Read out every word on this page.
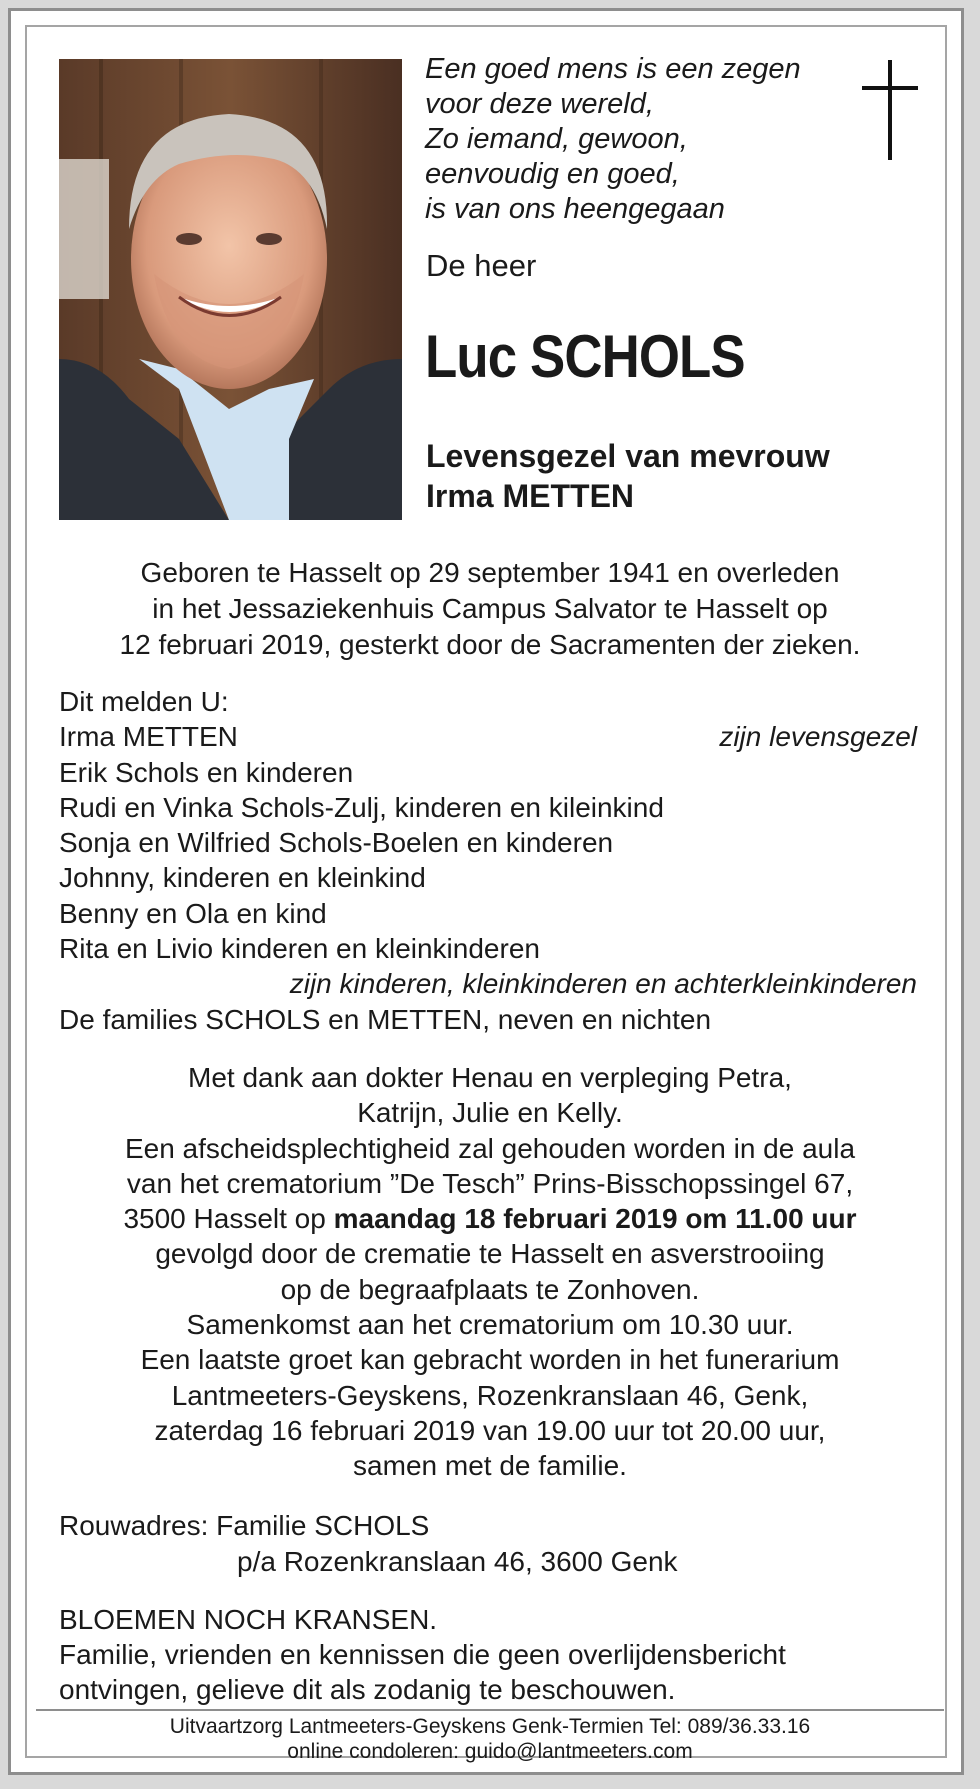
Een goed mens is een zegen
voor deze wereld,
Zo iemand, gewoon,
eenvoudig en goed,
is van ons heengegaan
De heer
Luc SCHOLS
Levensgezel van mevrouw
Irma METTEN
Geboren te Hasselt op 29 september 1941 en overleden
in het Jessaziekenhuis Campus Salvator te Hasselt op
12 februari 2019, gesterkt door de Sacramenten der zieken.
Dit melden U:
Irma METTEN	zijn levensgezel
Erik Schols en kinderen
Rudi en Vinka Schols-Zulj, kinderen en kileinkind
Sonja en Wilfried Schols-Boelen en kinderen
Johnny, kinderen en kleinkind
Benny en Ola en kind
Rita en Livio kinderen en kleinkinderen
zijn kinderen, kleinkinderen en achterkleinkinderen
De families SCHOLS en METTEN, neven en nichten
Met dank aan dokter Henau en verpleging Petra,
Katrijn, Julie en Kelly.
Een afscheidsplechtigheid zal gehouden worden in de aula
van het crematorium ”De Tesch” Prins-Bisschopssingel 67,
3500 Hasselt op maandag 18 februari 2019 om 11.00 uur
gevolgd door de crematie te Hasselt en asverstrooiing
op de begraafplaats te Zonhoven.
Samenkomst aan het crematorium om 10.30 uur.
Een laatste groet kan gebracht worden in het funerarium
Lantmeeters-Geyskens, Rozenkranslaan 46, Genk,
zaterdag 16 februari 2019 van 19.00 uur tot 20.00 uur,
samen met de familie.
Rouwadres: Familie SCHOLS
p/a Rozenkranslaan 46, 3600 Genk
BLOEMEN NOCH KRANSEN.
Familie, vrienden en kennissen die geen overlijdensbericht
ontvingen, gelieve dit als zodanig te beschouwen.
Uitvaartzorg Lantmeeters-Geyskens Genk-Termien Tel: 089/36.33.16
online condoleren: guido@lantmeeters.com
